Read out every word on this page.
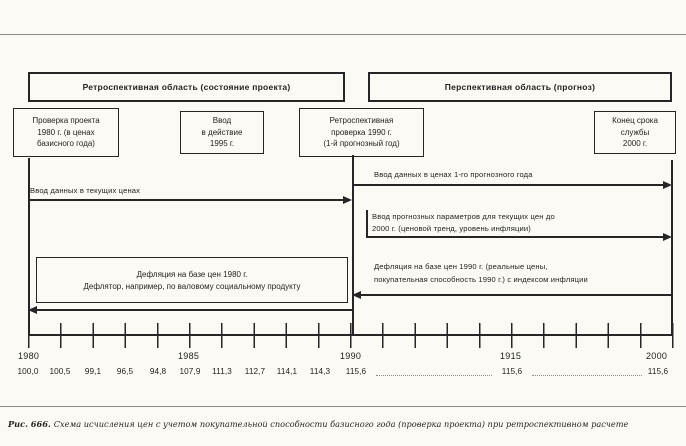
Ретроспективная область (состояние проекта)	Перспективная область (прогноз)
Проверка проекта
1980 г. (в ценах
базисного года)
Ввод
в действие
1995 г.
Ретроспективная
проверка 1990 г.
(1-й прогнозный год)
Конец срока
службы
2000 г.
Ввод данных в текущих ценах
Ввод данных в ценах 1-го прогнозного года
Ввод прогнозных параметров для текущих цен до
2000 г. (ценовой тренд, уровень инфляции)
Дефляция на базе цен 1980 г.
Дефлятор, например, по валовому социальному продукту
Дефляция на базе цен 1990 г. (реальные цены,
покупательная способность 1990 г.) с индексом инфляции
1980	1985	1990	1915	2000
100,0	100,5	99,1	96,5	94,8	107,9	111,3	112,7	114,1	114,3	115,6	115,6	115,6
Рис. 666. Схема исчисления цен с учетом покупательной способности базисного года (проверка проекта) при ретроспективном расчете
